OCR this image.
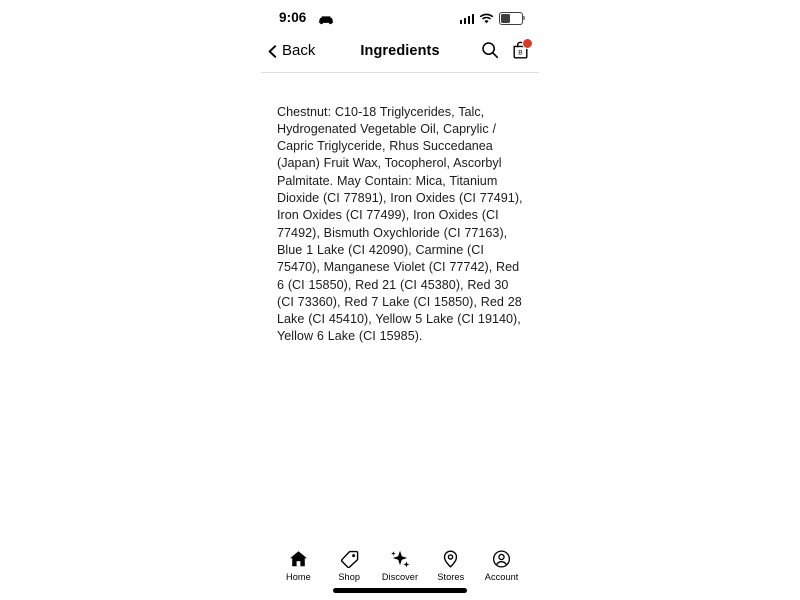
9:06
Back	Ingredients	B

Chestnut: C10-18 Triglycerides, Talc, Hydrogenated Vegetable Oil, Caprylic / Capric Triglyceride, Rhus Succedanea (Japan) Fruit Wax, Tocopherol, Ascorbyl Palmitate. May Contain: Mica, Titanium Dioxide (CI 77891), Iron Oxides (CI 77491), Iron Oxides (CI 77499), Iron Oxides (CI 77492), Bismuth Oxychloride (CI 77163), Blue 1 Lake (CI 42090), Carmine (CI 75470), Manganese Violet (CI 77742), Red 6 (CI 15850), Red 21 (CI 45380), Red 30 (CI 73360), Red 7 Lake (CI 15850), Red 28 Lake (CI 45410), Yellow 5 Lake (CI 19140), Yellow 6 Lake (CI 15985).

Home	Shop Discover Stores Account
